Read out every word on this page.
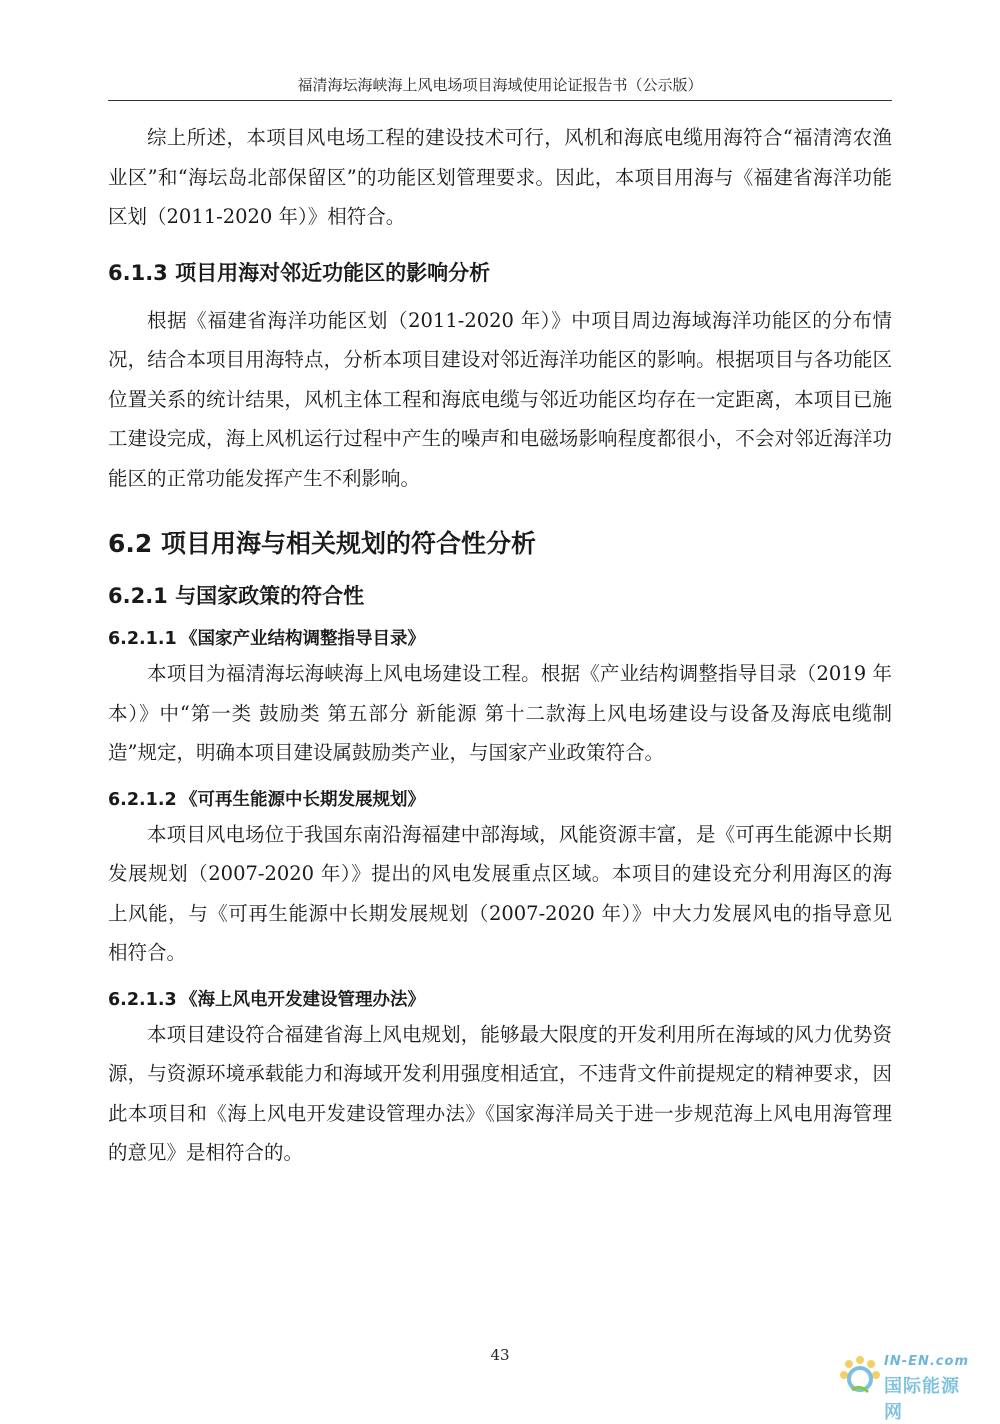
福清海坛海峡海上风电场项目海域使用论证报告书（公示版）

综上所述，本项目风电场工程的建设技术可行，风机和海底电缆用海符合“福清湾农渔业区”和“海坛岛北部保留区”的功能区划管理要求。因此，本项目用海与《福建省海洋功能区划（2011-2020 年）》相符合。

6.1.3 项目用海对邻近功能区的影响分析

根据《福建省海洋功能区划（2011-2020 年）》中项目周边海域海洋功能区的分布情况，结合本项目用海特点，分析本项目建设对邻近海洋功能区的影响。根据项目与各功能区位置关系的统计结果，风机主体工程和海底电缆与邻近功能区均存在一定距离，本项目已施工建设完成，海上风机运行过程中产生的噪声和电磁场影响程度都很小，不会对邻近海洋功能区的正常功能发挥产生不利影响。

6.2 项目用海与相关规划的符合性分析
6.2.1 与国家政策的符合性
6.2.1.1 《国家产业结构调整指导目录》

本项目为福清海坛海峡海上风电场建设工程。根据《产业结构调整指导目录（2019 年本）》中“第一类 鼓励类 第五部分 新能源 第十二款海上风电场建设与设备及海底电缆制造”规定，明确本项目建设属鼓励类产业，与国家产业政策符合。

6.2.1.2 《可再生能源中长期发展规划》

本项目风电场位于我国东南沿海福建中部海域，风能资源丰富，是《可再生能源中长期发展规划（2007-2020 年）》提出的风电发展重点区域。本项目的建设充分利用海区的海上风能，与《可再生能源中长期发展规划（2007-2020 年）》中大力发展风电的指导意见相符合。

6.2.1.3 《海上风电开发建设管理办法》

本项目建设符合福建省海上风电规划，能够最大限度的开发利用所在海域的风力优势资源，与资源环境承载能力和海域开发利用强度相适宜，不违背文件前提规定的精神要求，因此本项目和《海上风电开发建设管理办法》《国家海洋局关于进一步规范海上风电用海管理的意见》是相符合的。

43	IN-EN.com
国际能源网
